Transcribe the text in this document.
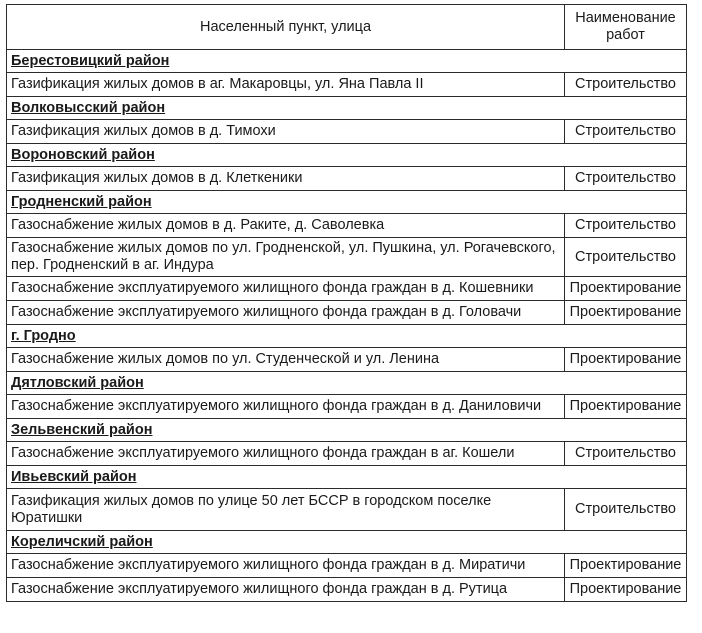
Населенный пункт, улица	Наименование работ
Берестовицкий район	
Газификация жилых домов в аг. Макаровцы, ул. Яна Павла II	Строительство
Волковысский район	
Газификация жилых домов в д. Тимохи	Строительство
Вороновский район	
Газификация жилых домов в д. Клеткеники	Строительство
Гродненский район	
Газоснабжение жилых домов в д. Раките, д. Саволевка	Строительство
Газоснабжение жилых домов по ул. Гродненской, ул. Пушкина, ул. Рогачевского, пер. Гродненский в аг. Индура	Строительство
Газоснабжение эксплуатируемого жилищного фонда граждан в д. Кошевники	Проектирование
Газоснабжение эксплуатируемого жилищного фонда граждан в д. Головачи	Проектирование
г. Гродно	
Газоснабжение жилых домов по ул. Студенческой и ул. Ленина	Проектирование
Дятловский район	
Газоснабжение эксплуатируемого жилищного фонда граждан в д. Даниловичи	Проектирование
Зельвенский район	
Газоснабжение эксплуатируемого жилищного фонда граждан в аг. Кошели	Строительство
Ивьевский район	
Газификация жилых домов по улице 50 лет БССР в городском поселке Юратишки	Строительство
Кореличский район	
Газоснабжение эксплуатируемого жилищного фонда граждан в д. Миратичи	Проектирование
Газоснабжение эксплуатируемого жилищного фонда граждан в д. Рутица	Проектирование
